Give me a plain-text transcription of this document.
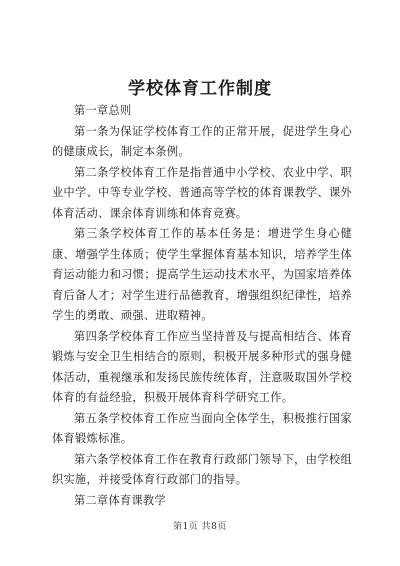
学校体育工作制度

第一章总则

第一条为保证学校体育工作的正常开展，促进学生身心的健康成长，制定本条例。

第二条学校体育工作是指普通中小学校、农业中学、职业中学、中等专业学校、普通高等学校的体育课教学、课外体育活动、课余体育训练和体育竞赛。

第三条学校体育工作的基本任务是：增进学生身心健康、增强学生体质；使学生掌握体育基本知识，培养学生体育运动能力和习惯；提高学生运动技术水平，为国家培养体育后备人才；对学生进行品德教育，增强组织纪律性，培养学生的勇敢、顽强、进取精神。

第四条学校体育工作应当坚持普及与提高相结合、体育锻炼与安全卫生相结合的原则，积极开展多种形式的强身健体活动，重视继承和发扬民族传统体育，注意吸取国外学校体育的有益经验，积极开展体育科学研究工作。

第五条学校体育工作应当面向全体学生，积极推行国家体育锻炼标准。

第六条学校体育工作在教育行政部门领导下，由学校组织实施，并接受体育行政部门的指导。

第二章体育课教学

第1页 共8页
